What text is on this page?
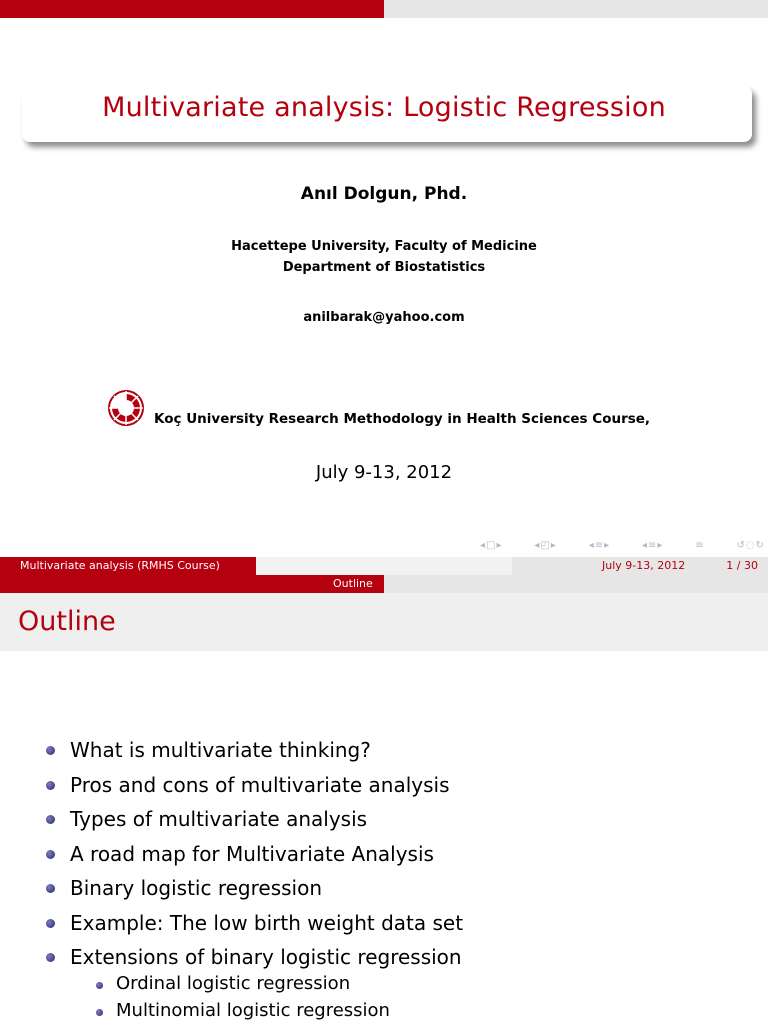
Multivariate analysis: Logistic Regression
Anıl Dolgun, Phd.
Hacettepe University, Faculty of Medicine
Department of Biostatistics
anilbarak@yahoo.com
Koç University Research Methodology in Health Sciences Course,
July 9-13, 2012
◂□▸	◂◰▸	◂≡▸	◂≡▸	≡	↺◌↻
Multivariate analysis (RMHS Course)	July 9-13, 2012	1 / 30
Outline
Outline
What is multivariate thinking?
Pros and cons of multivariate analysis
Types of multivariate analysis
A road map for Multivariate Analysis
Binary logistic regression
Example: The low birth weight data set
Extensions of binary logistic regression
Ordinal logistic regression
Multinomial logistic regression
